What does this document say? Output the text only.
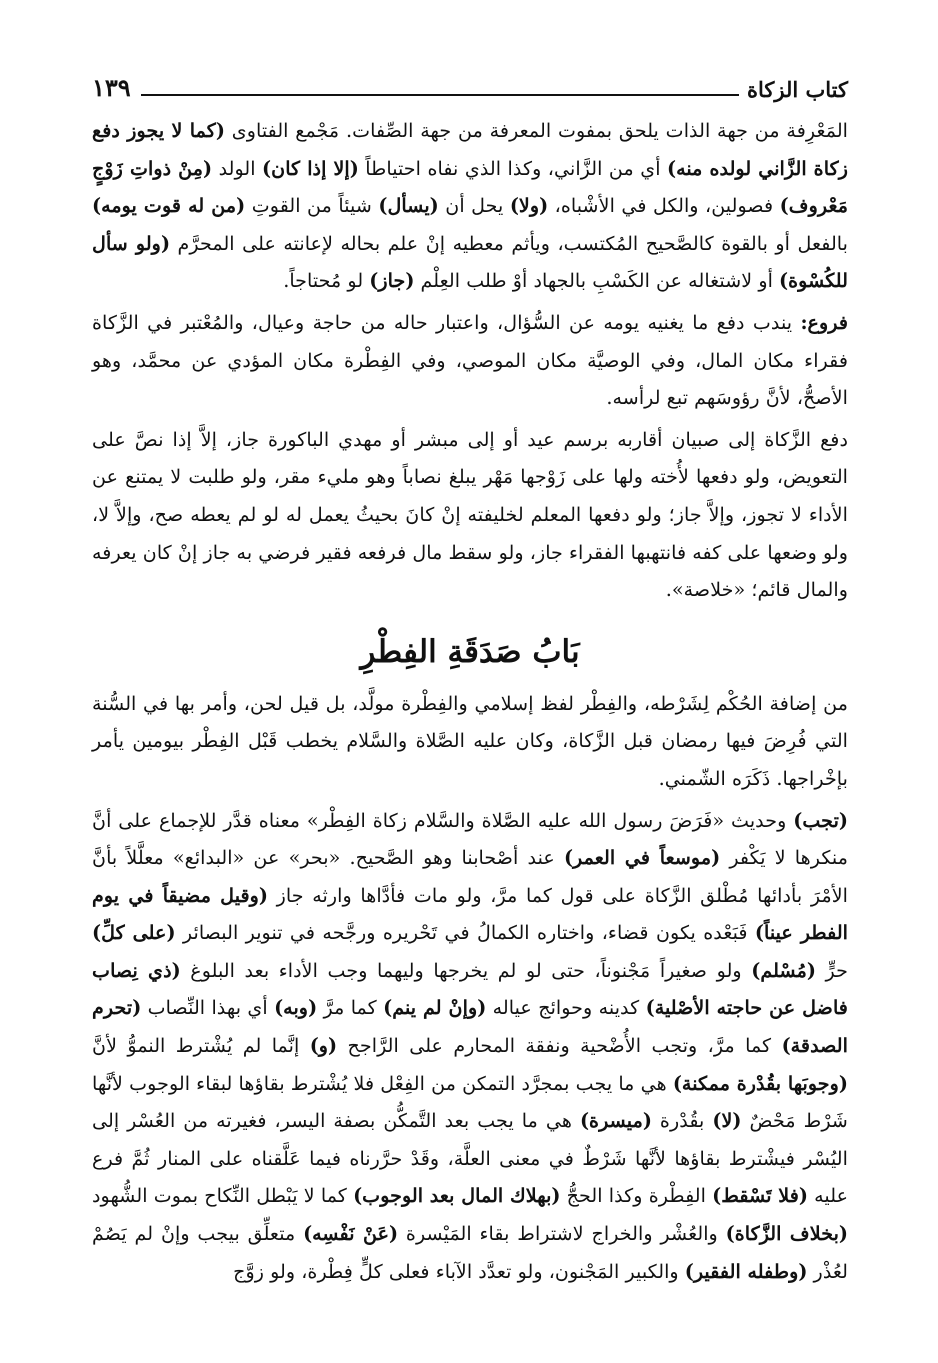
كتاب الزكاة
١٣٩

المَعْرِفة من جهة الذات يلحق بمفوت المعرفة من جهة الصِّفات. مَجْمع الفتاوى (كما لا يجوز دفع زكاة الزَّاني لولده منه) أي من الزَّاني، وكذا الذي نفاه احتياطاً (إلا إذا كان) الولد (مِنْ ذواتِ زَوْجٍ مَعْروف) فصولين، والكل في الأشْباه، (ولا) يحل أن (يسأل) شيئاً من القوتِ (من له قوت يومه) بالفعل أو بالقوة كالصَّحيح المُكتسب، ويأثم معطيه إنْ علم بحاله لإعانته على المحرَّم (ولو سأل للكُسْوة) أو لاشتغاله عن الكَسْبِ بالجهاد أوْ طلب العِلْم (جاز) لو مُحتاجاً.

فروع: يندب دفع ما يغنيه يومه عن السُّؤال، واعتبار حاله من حاجة وعيال، والمُعْتبر في الزَّكاة فقراء مكان المال، وفي الوصيَّة مكان الموصي، وفي الفِطْرة مكان المؤدي عن محمَّد، وهو الأصحُّ، لأنَّ رؤوسَهم تبع لرأسه.

دفع الزَّكاة إلى صبيان أقاربه برسم عيد أو إلى مبشر أو مهدي الباكورة جاز، إلاَّ إذا نصَّ على التعويض، ولو دفعها لأُخته ولها على زَوْجها مَهْر يبلغ نصاباً وهو مليء مقر، ولو طلبت لا يمتنع عن الأداء لا تجوز، وإلاَّ جاز؛ ولو دفعها المعلم لخليفته إنْ كانَ بحيثُ يعمل له لو لم يعطه صح، وإلاَّ لا، ولو وضعها على كفه فانتهبها الفقراء جاز، ولو سقط مال فرفعه فقير فرضي به جاز إنْ كان يعرفه والمال قائم؛ «خلاصة».

بَابُ صَدَقَةِ الفِطْرِ

من إضافة الحُكْم لِشَرْطه، والفِطْر لفظ إسلامي والفِطْرة مولَّد، بل قيل لحن، وأمر بها في السُّنة التي فُرِضَ فيها رمضان قبل الزَّكاة، وكان عليه الصَّلاة والسَّلام يخطب قَبْل الفِطْر بيومين يأمر بإخْراجها. ذَكَرَه الشّمني.

(تجب) وحديث «فَرَضَ رسول الله عليه الصَّلاة والسَّلام زكاة الفِطْر» معناه قدَّر للإجماع على أنَّ منكرها لا يَكْفر (موسعاً في العمر) عند أصْحابنا وهو الصَّحيح. «بحر» عن «البدائع» معلَّلاً بأنَّ الأمْرَ بأدائها مُطْلق الزَّكاة على قول كما مرَّ، ولو مات فأدَّاها وارثه جاز (وقيل مضيقاً في يوم الفطر عيناً) فَبَعْده يكون قضاء، واختاره الكمالُ في تَحْريره ورجَّحه في تنوير البصائر (على كلِّ) حرٍّ (مُسْلم) ولو صغيراً مَجْنوناً، حتى لو لم يخرجها وليهما وجب الأداء بعد البلوغ (ذي نِصاب فاضل عن حاجته الأصْلية) كدينه وحوائج عياله (وإنْ لم ينم) كما مرَّ (وبه) أي بهذا النِّصاب (تحرم الصدقة) كما مرَّ، وتجب الأُضْحية ونفقة المحارم على الرَّاجح (و) إنَّما لم يُشْترط النموُّ لأنَّ (وجوبَها بقُدْرة ممكنة) هي ما يجب بمجرَّد التمكن من الفِعْل فلا يُشْترط بقاؤها لبقاء الوجوب لأنَّها شَرْط مَحْضٌ (لا) بقُدْرة (ميسرة) هي ما يجب بعد التَّمكُّن بصفة اليسر، فغيرته من العُسْر إلى اليُسْر فيشْترط بقاؤها لأنَّها شَرْطٌ في معنى العلَّة، وقَدْ حرَّرناه فيما عَلَّقناه على المنار ثُمَّ فرع عليه (فلا تَسْقط) الفِطْرة وكذا الحجُّ (بهلاك المال بعد الوجوب) كما لا يَبْطل النِّكاح بموت الشُّهود (بخلاف الزَّكاة) والعُشْر والخراج لاشتراط بقاء المَيْسرة (عَنْ نَفْسِه) متعلِّق بيجب وإنْ لم يَصُمْ لعُذْر (وطفله الفقير) والكبير المَجْنون، ولو تعدَّد الآباء فعلى كلٍّ فِطْرة، ولو زوَّج
